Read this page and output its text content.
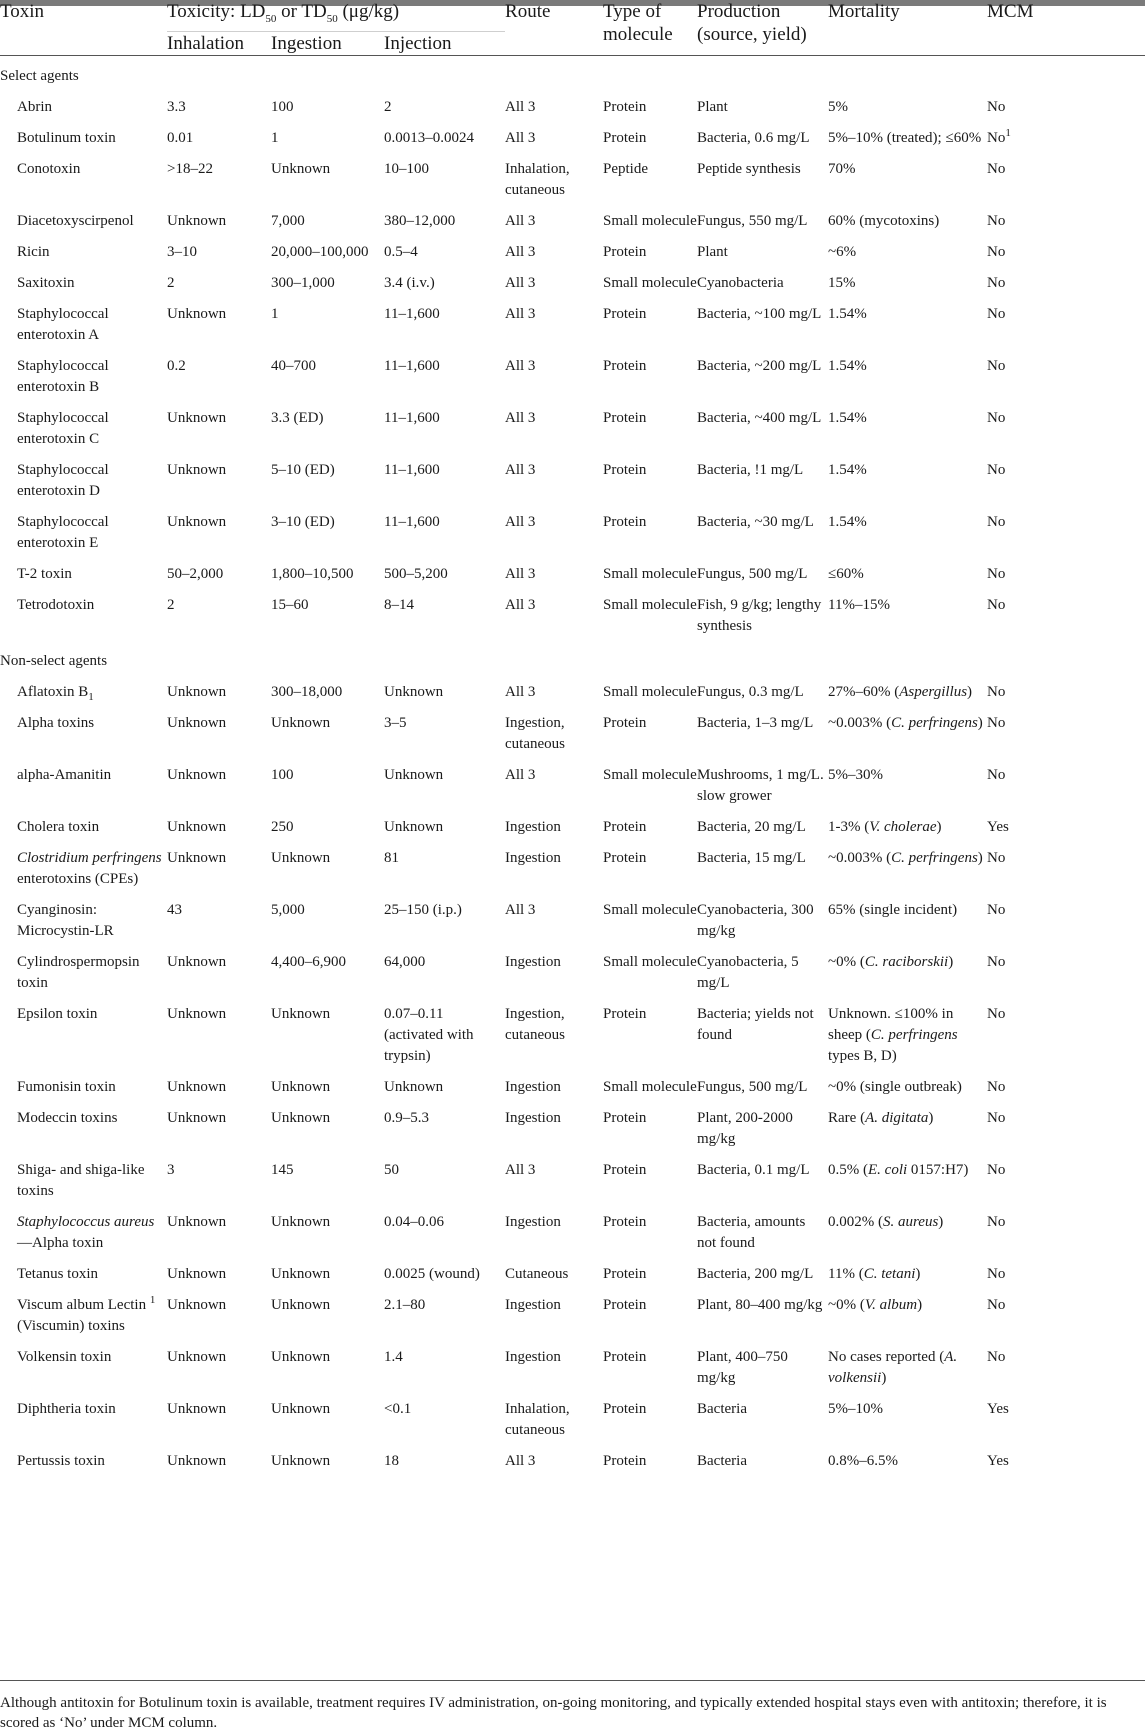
Toxin	Toxicity: $LD_{50}$ or $TD_{50}$ (μg/kg)			Route	Type of molecule	Production (source, yield)	Mortality	MCM
	Inhalation	Ingestion	Injection					

Select agents								
Abrin	3.3	100	2	All 3	Protein	Plant	5%	No
Botulinum toxin	0.01	1	0.0013–0.0024	All 3	Protein	Bacteria, 0.6 mg/L	5%–10% (treated); ≤60%	No$^1$
Conotoxin	>18–22	Unknown	10–100	Inhalation, cutaneous	Peptide	Peptide synthesis	70%	No
Diacetoxyscirpenol	Unknown	7,000	380–12,000	All 3	Small molecule	Fungus, 550 mg/L	60% (mycotoxins)	No
Ricin	3–10	20,000–100,000	0.5–4	All 3	Protein	Plant	~6%	No
Saxitoxin	2	300–1,000	3.4 (i.v.)	All 3	Small molecule	Cyanobacteria	15%	No
Staphylococcal enterotoxin A	Unknown	1	11–1,600	All 3	Protein	Bacteria, ~100 mg/L	1.54%	No
Staphylococcal enterotoxin B	0.2	40–700	11–1,600	All 3	Protein	Bacteria, ~200 mg/L	1.54%	No
Staphylococcal enterotoxin C	Unknown	3.3 (ED)	11–1,600	All 3	Protein	Bacteria, ~400 mg/L	1.54%	No
Staphylococcal enterotoxin D	Unknown	5–10 (ED)	11–1,600	All 3	Protein	Bacteria, !1 mg/L	1.54%	No
Staphylococcal enterotoxin E	Unknown	3–10 (ED)	11–1,600	All 3	Protein	Bacteria, ~30 mg/L	1.54%	No
T-2 toxin	50–2,000	1,800–10,500	500–5,200	All 3	Small molecule	Fungus, 500 mg/L	≤60%	No
Tetrodotoxin	2	15–60	8–14	All 3	Small molecule	Fish, 9 g/kg; lengthy synthesis	11%–15%	No
Non-select agents								
Aflatoxin $B_1$	Unknown	300–18,000	Unknown	All 3	Small molecule	Fungus, 0.3 mg/L	27%–60% (Aspergillus)	No
Alpha toxins	Unknown	Unknown	3–5	Ingestion, cutaneous	Protein	Bacteria, 1–3 mg/L	~0.003% (C. perfringens)	No
alpha-Amanitin	Unknown	100	Unknown	All 3	Small molecule	Mushrooms, 1 mg/L. slow grower	5%–30%	No
Cholera toxin	Unknown	250	Unknown	Ingestion	Protein	Bacteria, 20 mg/L	1-3% (V. cholerae)	Yes
Clostridium perfringens enterotoxins (CPEs)	Unknown	Unknown	81	Ingestion	Protein	Bacteria, 15 mg/L	~0.003% (C. perfringens)	No
Cyanginosin: Microcystin-LR	43	5,000	25–150 (i.p.)	All 3	Small molecule	Cyanobacteria, 300 mg/kg	65% (single incident)	No
Cylindrospermopsin toxin	Unknown	4,400–6,900	64,000	Ingestion	Small molecule	Cyanobacteria, 5 mg/L	~0% (C. raciborskii)	No
Epsilon toxin	Unknown	Unknown	0.07–0.11 (activated with trypsin)	Ingestion, cutaneous	Protein	Bacteria; yields not found	Unknown. ≤100% in sheep (C. perfringens types B, D)	No
Fumonisin toxin	Unknown	Unknown	Unknown	Ingestion	Small molecule	Fungus, 500 mg/L	~0% (single outbreak)	No
Modeccin toxins	Unknown	Unknown	0.9–5.3	Ingestion	Protein	Plant, 200-2000 mg/kg	Rare (A. digitata)	No
Shiga- and shiga-like toxins	3	145	50	All 3	Protein	Bacteria, 0.1 mg/L	0.5% (E. coli 0157:H7)	No
Staphylococcus aureus—Alpha toxin	Unknown	Unknown	0.04–0.06	Ingestion	Protein	Bacteria, amounts not found	0.002% (S. aureus)	No
Tetanus toxin	Unknown	Unknown	0.0025 (wound)	Cutaneous	Protein	Bacteria, 200 mg/L	11% (C. tetani)	No
Viscum album Lectin $^1$ (Viscumin) toxins	Unknown	Unknown	2.1–80	Ingestion	Protein	Plant, 80–400 mg/kg	~0% (V. album)	No
Volkensin toxin	Unknown	Unknown	1.4	Ingestion	Protein	Plant, 400–750 mg/kg	No cases reported (A. volkensii)	No
Diphtheria toxin	Unknown	Unknown	<0.1	Inhalation, cutaneous	Protein	Bacteria	5%–10%	Yes
Pertussis toxin	Unknown	Unknown	18	All 3	Protein	Bacteria	0.8%–6.5%	Yes
Although antitoxin for Botulinum toxin is available, treatment requires IV administration, on-going monitoring, and typically extended hospital stays even with antitoxin; therefore, it is scored as ‘No’ under MCM column.
